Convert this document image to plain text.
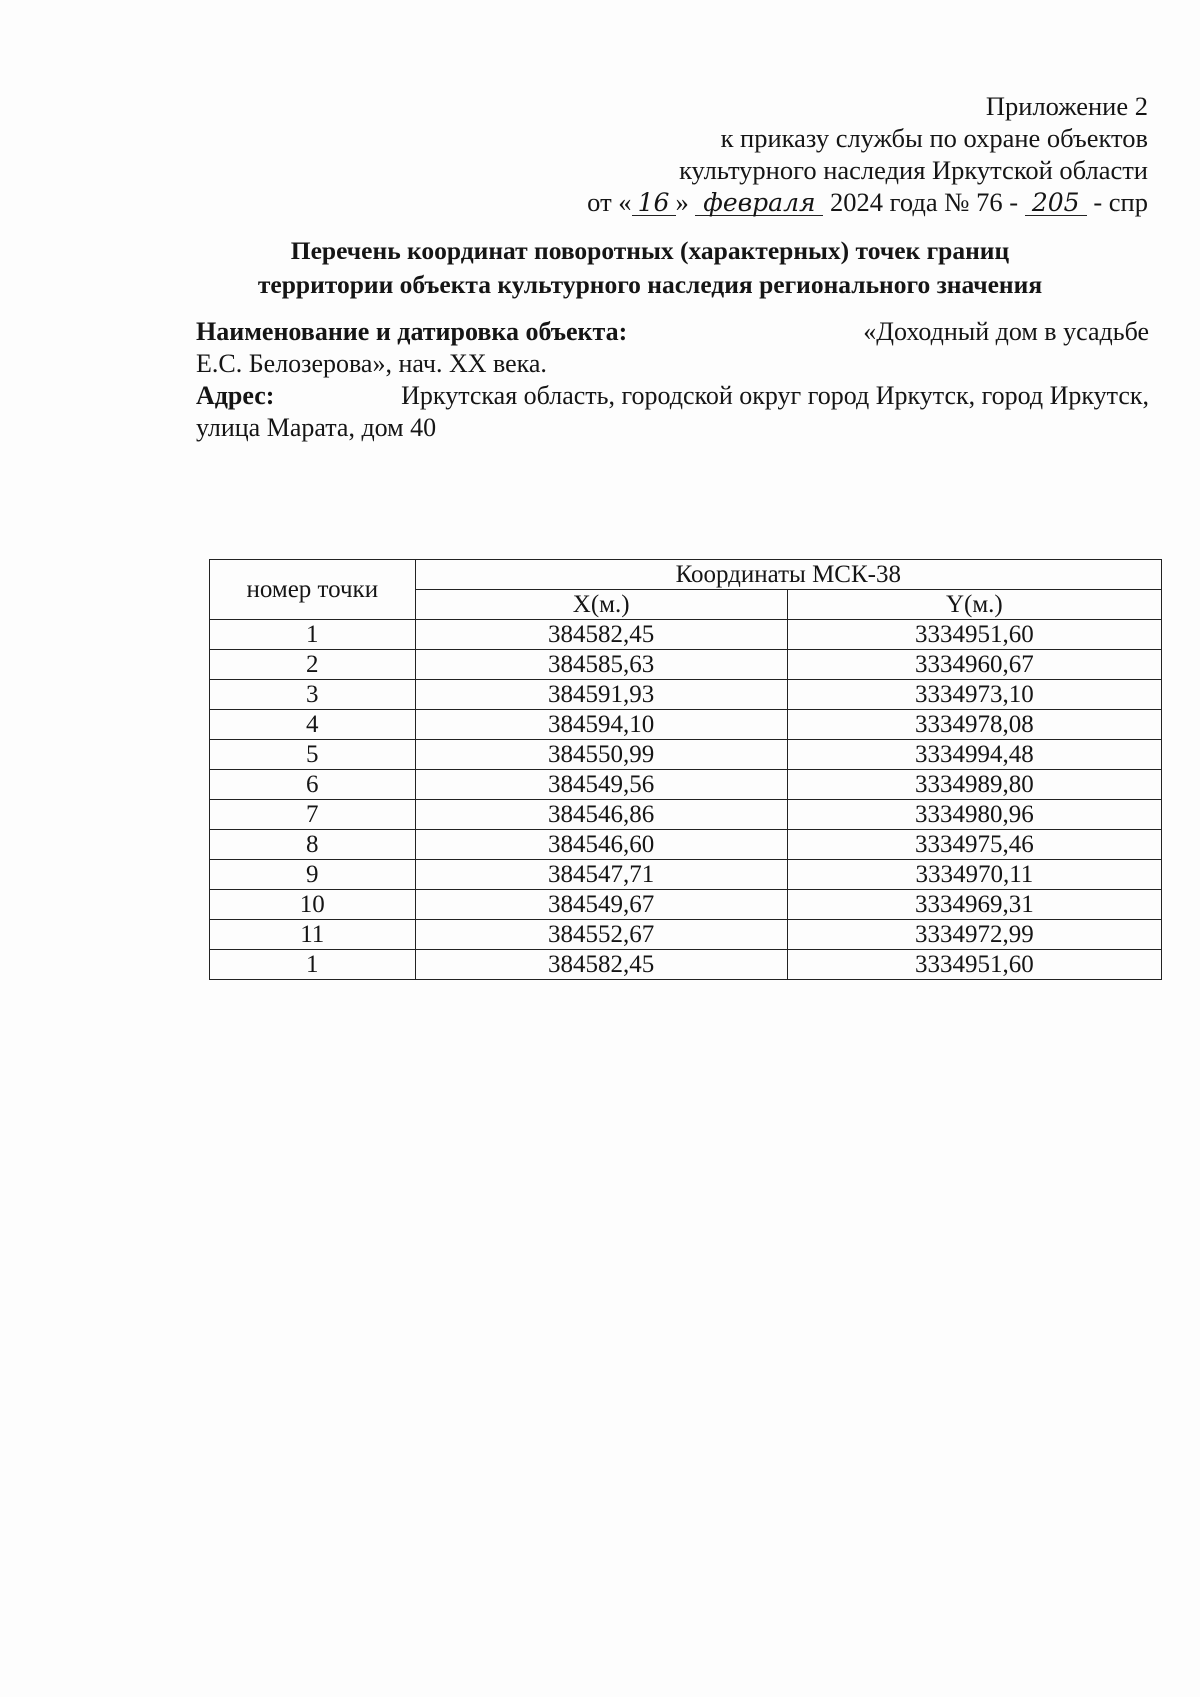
Приложение 2
к приказу службы по охране объектов
культурного наследия Иркутской области
от « 16 » февраля 2024 года № 76 - 205 - спр
Перечень координат поворотных (характерных) точек границ
территории объекта культурного наследия регионального значения
Наименование и датировка объекта:	«Доходный дом в усадьбе

Е.С. Белозерова», нач. XX века.

Адрес:	Иркутская область, городской округ город Иркутск, город Иркутск,

улица Марата, дом 40

номер точки	Координаты МСК-38	
	X(м.)	Y(м.)
1	384582,45	3334951,60
2	384585,63	3334960,67
3	384591,93	3334973,10
4	384594,10	3334978,08
5	384550,99	3334994,48
6	384549,56	3334989,80
7	384546,86	3334980,96
8	384546,60	3334975,46
9	384547,71	3334970,11
10	384549,67	3334969,31
11	384552,67	3334972,99
1	384582,45	3334951,60
